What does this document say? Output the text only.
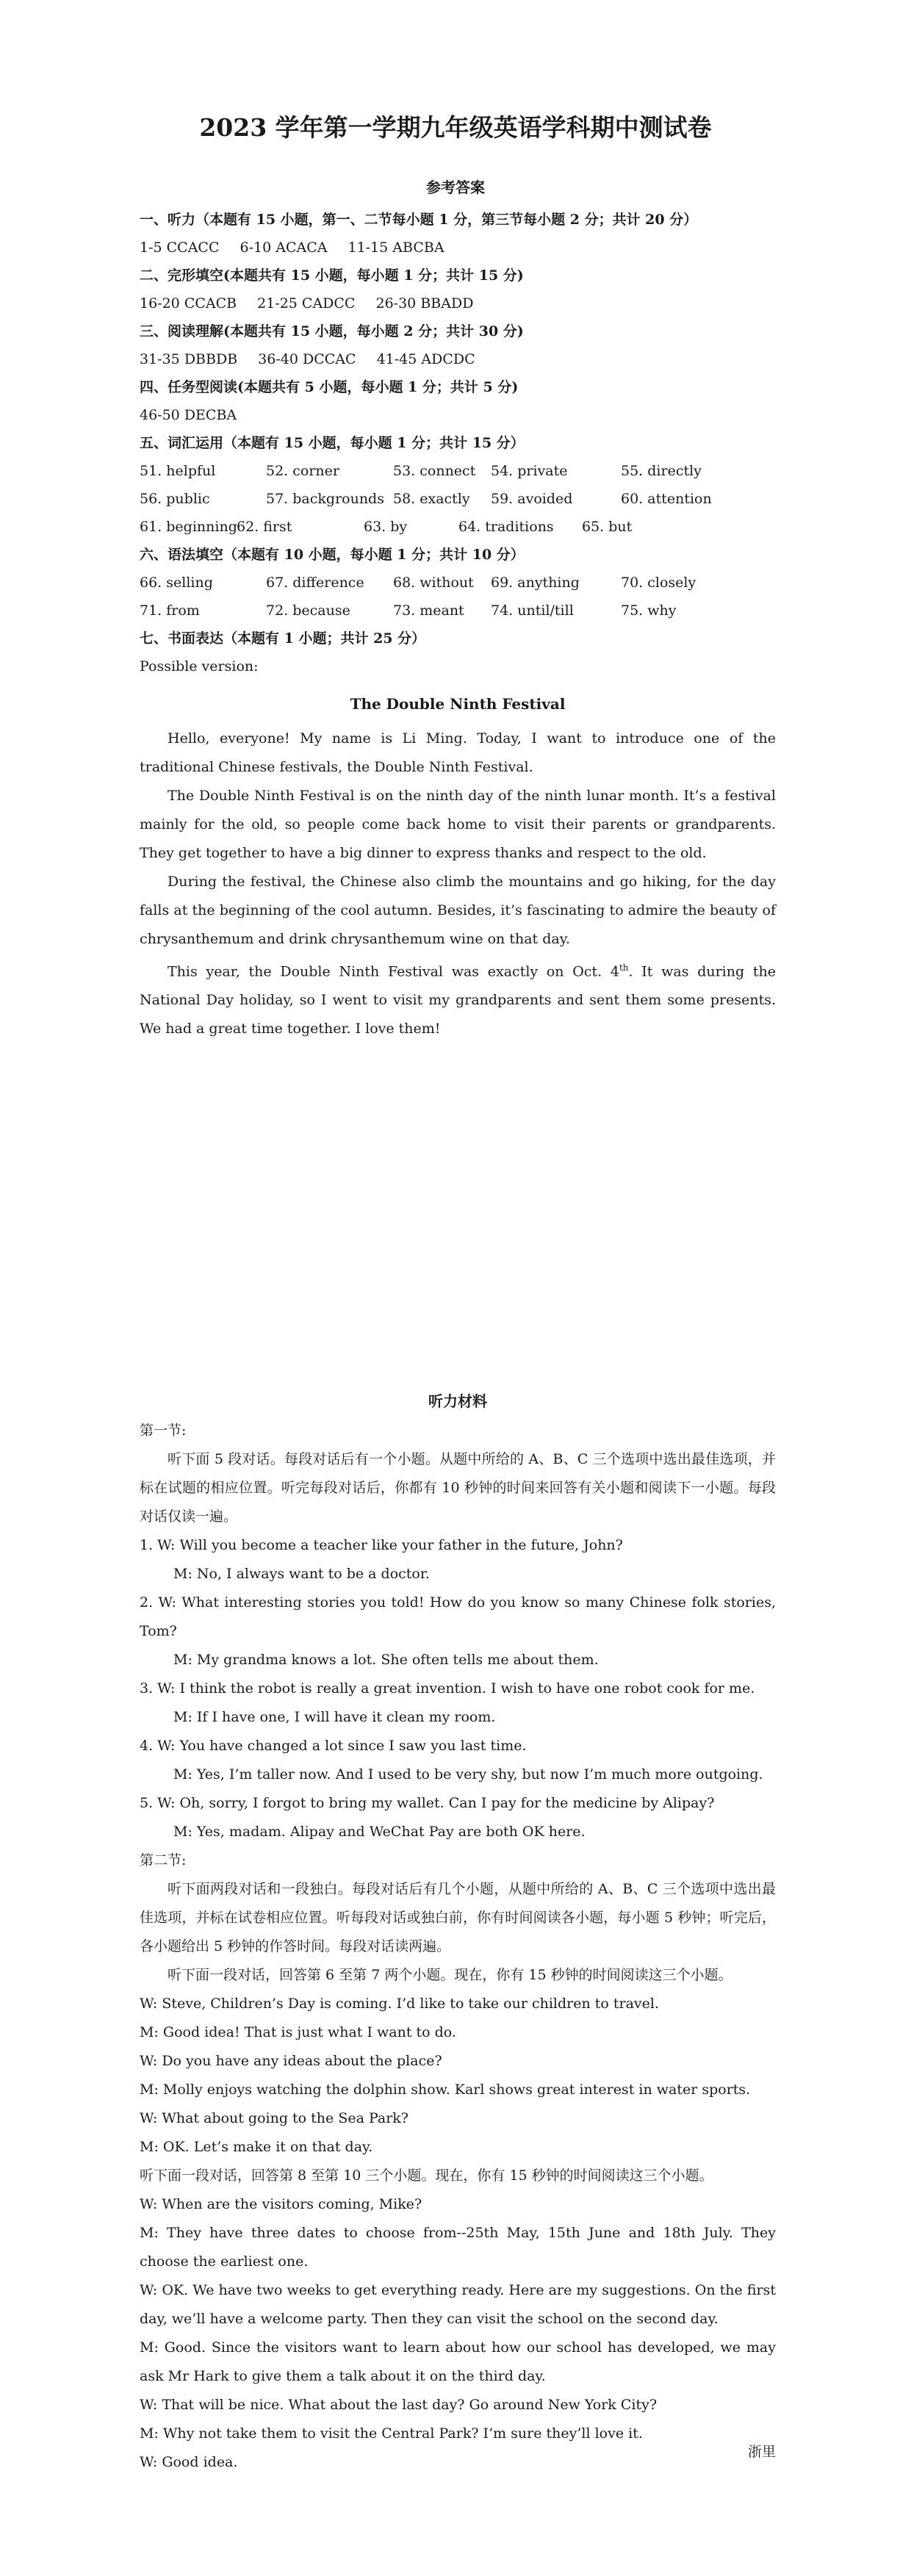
2023 学年第一学期九年级英语学科期中测试卷
参考答案
一、听力（本题有 15 小题，第一、二节每小题 1 分，第三节每小题 2 分；共计 20 分）
1-5 CCACC 6-10 ACACA 11-15 ABCBA
二、完形填空(本题共有 15 小题，每小题 1 分；共计 15 分)
16-20 CCACB 21-25 CADCC 26-30 BBADD
三、阅读理解(本题共有 15 小题，每小题 2 分；共计 30 分)
31-35 DBBDB 36-40 DCCAC 41-45 ADCDC
四、任务型阅读(本题共有 5 小题，每小题 1 分；共计 5 分)
46-50 DECBA
五、词汇运用（本题有 15 小题，每小题 1 分；共计 15 分）
51. helpful	52. corner	53. connect 54. private	55. directly
56. public	57. backgrounds 58. exactly 59. avoided	60. attention
61. beginning 62. first	63. by	64. traditions 65. but
六、语法填空（本题有 10 小题，每小题 1 分；共计 10 分）
66. selling	67. difference 68. without 69. anything	70. closely
71. from	72. because	73. meant 74. until/till	75. why
七、书面表达（本题有 1 小题；共计 25 分）
Possible version:
The Double Ninth Festival

Hello, everyone! My name is Li Ming. Today, I want to introduce one of the traditional Chinese festivals, the Double Ninth Festival.

The Double Ninth Festival is on the ninth day of the ninth lunar month. It’s a festival mainly for the old, so people come back home to visit their parents or grandparents. They get together to have a big dinner to express thanks and respect to the old.

During the festival, the Chinese also climb the mountains and go hiking, for the day falls at the beginning of the cool autumn. Besides, it’s fascinating to admire the beauty of chrysanthemum and drink chrysanthemum wine on that day.

This year, the Double Ninth Festival was exactly on Oct. 4th. It was during the National Day holiday, so I went to visit my grandparents and sent them some presents. We had a great time together. I love them!

听力材料

第一节:

听下面 5 段对话。每段对话后有一个小题。从题中所给的 A、B、C 三个选项中选出最佳选项，并标在试题的相应位置。听完每段对话后，你都有 10 秒钟的时间来回答有关小题和阅读下一小题。每段对话仅读一遍。

1. W: Will you become a teacher like your father in the future, John?

M: No, I always want to be a doctor.

2. W: What interesting stories you told! How do you know so many Chinese folk stories, Tom?

M: My grandma knows a lot. She often tells me about them.

3. W: I think the robot is really a great invention. I wish to have one robot cook for me.

M: If I have one, I will have it clean my room.

4. W: You have changed a lot since I saw you last time.

M: Yes, I’m taller now. And I used to be very shy, but now I’m much more outgoing.

5. W: Oh, sorry, I forgot to bring my wallet. Can I pay for the medicine by Alipay?

M: Yes, madam. Alipay and WeChat Pay are both OK here.

第二节:

听下面两段对话和一段独白。每段对话后有几个小题，从题中所给的 A、B、C 三个选项中选出最佳选项，并标在试卷相应位置。听每段对话或独白前，你有时间阅读各小题，每小题 5 秒钟；听完后，各小题给出 5 秒钟的作答时间。每段对话读两遍。

听下面一段对话，回答第 6 至第 7 两个小题。现在，你有 15 秒钟的时间阅读这三个小题。

W: Steve, Children’s Day is coming. I’d like to take our children to travel.

M: Good idea! That is just what I want to do.

W: Do you have any ideas about the place?

M: Molly enjoys watching the dolphin show. Karl shows great interest in water sports.

W: What about going to the Sea Park?

M: OK. Let’s make it on that day.

听下面一段对话，回答第 8 至第 10 三个小题。现在，你有 15 秒钟的时间阅读这三个小题。

W: When are the visitors coming, Mike?

M: They have three dates to choose from--25th May, 15th June and 18th July. They choose the earliest one.

W: OK. We have two weeks to get everything ready. Here are my suggestions. On the first day, we’ll have a welcome party. Then they can visit the school on the second day.

M: Good. Since the visitors want to learn about how our school has developed, we may ask Mr Hark to give them a talk about it on the third day.

W: That will be nice. What about the last day? Go around New York City?

M: Why not take them to visit the Central Park? I’m sure they’ll love it.

W: Good idea.

浙里
